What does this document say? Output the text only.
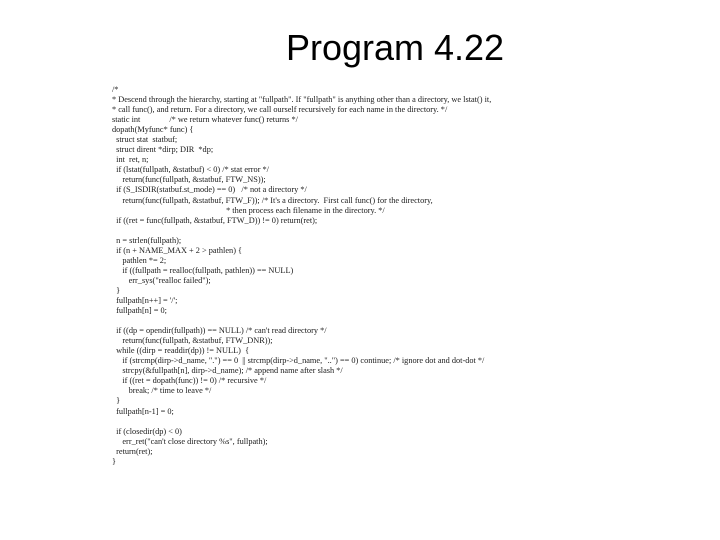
Program 4.22
/*
* Descend through the hierarchy, starting at "fullpath". If "fullpath" is anything other than a directory, we lstat() it,
* call func(), and return. For a directory, we call ourself recursively for each name in the directory. */
static int              /* we return whatever func() returns */
dopath(Myfunc* func) {
struct stat  statbuf;
struct dirent *dirp; DIR  *dp;
int  ret, n;
if (lstat(fullpath, &statbuf) < 0) /* stat error */
return(func(fullpath, &statbuf, FTW_NS));
if (S_ISDIR(statbuf.st_mode) == 0)   /* not a directory */
return(func(fullpath, &statbuf, FTW_F)); /* It's a directory.  First call func() for the directory,
* then process each filename in the directory. */
if ((ret = func(fullpath, &statbuf, FTW_D)) != 0) return(ret);
n = strlen(fullpath);
if (n + NAME_MAX + 2 > pathlen) {
pathlen *= 2;
if ((fullpath = realloc(fullpath, pathlen)) == NULL)
err_sys("realloc failed");
}
fullpath[n++] = '/';
fullpath[n] = 0;
if ((dp = opendir(fullpath)) == NULL) /* can't read directory */
return(func(fullpath, &statbuf, FTW_DNR));
while ((dirp = readdir(dp)) != NULL)  {
if (strcmp(dirp->d_name, ".") == 0  || strcmp(dirp->d_name, "..") == 0) continue; /* ignore dot and dot-dot */
strcpy(&fullpath[n], dirp->d_name); /* append name after slash */
if ((ret = dopath(func)) != 0) /* recursive */
break; /* time to leave */
}
fullpath[n-1] = 0;
if (closedir(dp) < 0)
err_ret("can't close directory %s", fullpath);
return(ret);
}
